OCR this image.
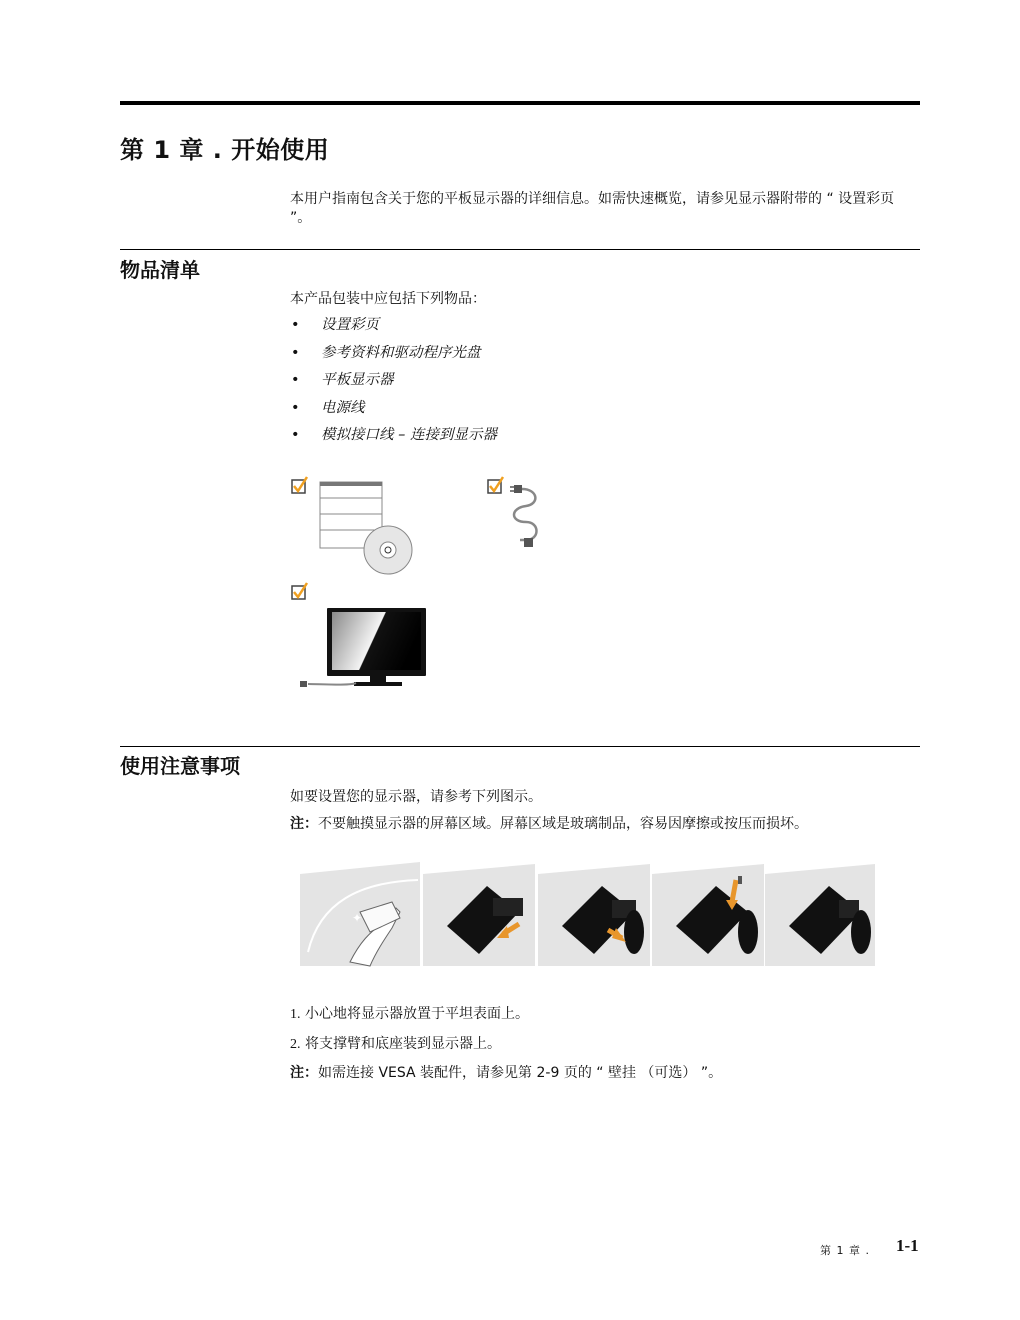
第 1 章 . 开始使用
本用户指南包含关于您的平板显示器的详细信息。如需快速概览，请参见显示器附带的 “ 设置彩页 ”。
物品清单
本产品包装中应包括下列物品：
• 设置彩页
• 参考资料和驱动程序光盘
• 平板显示器
• 电源线
• 模拟接口线 – 连接到显示器
使用注意事项
如要设置您的显示器，请参考下列图示。
注：不要触摸显示器的屏幕区域。屏幕区域是玻璃制品，容易因摩擦或按压而损坏。
✦
1. 小心地将显示器放置于平坦表面上。
2. 将支撑臂和底座装到显示器上。
注：如需连接 VESA 装配件，请参见第 2-9 页的 “ 壁挂 （可选） ”。
第 1 章 . 1-1
